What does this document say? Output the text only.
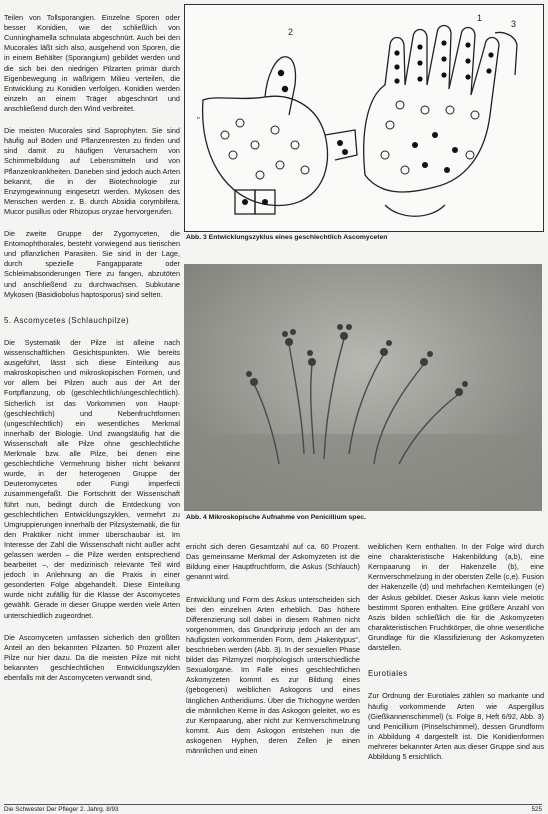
Teilen von Tollsporangien. Einzelne Sporen oder besser Konidien, wie der schließlich von Cunninghamella schnulata abgeschnürt. Auch bei den Mucorales läßt sich also, ausgehend von Sporen, die in einem Behälter (Sporangium) gebildet werden und die sich bei den niedrigen Pilzarten primär durch Eigenbewegung in wäßrigem Milieu verteilen, die Entwicklung zu Konidien verfolgen. Konidien werden einzeln an einem Träger abgeschnürt und anschließend durch den Wind verbreitet.

Die meisten Mucorales sind Saprophyten. Sie sind häufig auf Böden und Pflanzenresten zu finden und sind damit zu häufigen Verursachern von Schimmelbildung auf Lebensmitteln und von Pflanzenkrankheiten. Daneben sind jedoch auch Arten bekannt, die in der Biotechnologie zur Enzymgewinnung eingesetzt werden. Mykosen des Menschen werden z. B. durch Absidia corymbifera, Mucor pusillus oder Rhizopus oryzae hervorgerufen.

Die zweite Gruppe der Zygomyceten, die Entomophthorales, besteht vorwiegend aus tierischen und pflanzlichen Parasiten. Sie sind in der Lage, durch spezielle Fangapparate oder Schleimabsonderungen Tiere zu fangen, abzutöten und anschließend zu durchwachsen. Subkutane Mykosen (Basidiobolus haptosporus) sind selten.

5. Ascomycetes (Schlauchpilze)

Die Systematik der Pilze ist alleine nach wissenschaftlichen Gesichtspunkten. Wie bereits ausgeführt, lässt sich diese Einteilung aus makroskopischen und mikroskopischen Formen, und vor allem bei Pilzen auch aus der Art der Fortpflanzung, ob (geschlechtlich/ungeschlechtlich). Sicherlich ist das Vorkommen von Haupt- (geschlechtlich) und Nebenfruchtformen (ungeschlechtlich) ein wesentliches Merkmal innerhalb der Biologie. Und zwangsläufig hat die Wissenschaft alle Pilze ohne geschlechtliche Merkmale bzw. alle Pilze, bei denen eine geschlechtliche Vermehrung bisher nicht bekannt wurde, in der heterogenen Gruppe der Deuteromycetes oder Fungi imperfecti zusammengefaßt. Die Fortschritt der Wissenschaft führt nun, bedingt durch die Entdeckung von geschlechtlichen Entwicklungszyklen, vermehrt zu Umgruppierungen innerhalb der Pilzsystematik, die für den Praktiker nicht immer überschaubar ist. Im Interesse der Zahl die Wissenschaft nicht außer acht gelassen werden – die Pilze werden entsprechend bearbeitet –, der medizinisch relevante Teil wird jedoch in Anlehnung an die Praxis in einer gesonderten Folge abgehandelt. Diese Einteilung wurde nicht zufällig für die Klasse der Ascomycetes gewählt. Gerade in dieser Gruppe werden viele Arten unterschiedlich zugeordnet.

Die Ascomyceten umfassen sicherlich den größten Anteil an den bekannten Pilzarten. 50 Prozent aller Pilze nur hier dazu. Da die meisten Pilze mit nicht bekannten geschlechtlichen Entwicklungszyklen ebenfalls mit der Ascomyceten verwandt sind,

"
2
1
3
Abb. 3 Entwicklungszyklus eines geschlechtlich Ascomyceten
Abb. 4 Mikroskopische Aufnahme von Penicillium spec.

erricht sich deren Gesamtzahl auf ca. 60 Prozent. Das gemeinsame Merkmal der Askomyzeten ist die Bildung einer Hauptfruchtform, die Askus (Schlauch) genannt wird.

Entwicklung und Form des Askus unterscheiden sich bei den einzelnen Arten erheblich. Das höhere Differenzierung soll dabei in diesem Rahmen nicht vorgenommen, das Grundprinzip jedoch an der am häufigsten vorkommenden Form, dem „Hakentypus“, beschrieben werden (Abb. 3). In der sexuellen Phase bildet das Pilzmyzel morphologisch unterschiedliche Sexualorgane. Im Falle eines geschlechtlichen Askomyzeten kommt es zur Bildung eines (gebogenen) weiblichen Askogons und eines länglichen Antheridiums. Über die Trichogyne werden die männlichen Kerne in das Askogon geleitet, wo es zur Kernpaarung, aber nicht zur Kernverschmelzung kommt. Aus dem Askogon entstehen nun die askogenen Hyphen, deren Zellen je einen männlichen und einen

weiblichen Kern enthalten. In der Folge wird durch eine charakteristische Hakenbildung (a,b), eine Kernpaarung in der Hakenzelle (b), eine Kernverschmelzung in der obersten Zelle (c,e). Fusion der Hakenzelle (d) und mehrfachen Kernteilungen (e) der Askus gebildet. Dieser Askus kann viele meiotic bestimmt Sporen enthalten. Eine größere Anzahl von Aszis bilden schließlich die für die Askomyzeten charakteristischen Fruchtkörper, die ohne wesentliche Grundlage für die Klassifizierung der Askomyzeten darstellen.

Eurotiales

Zur Ordnung der Eurotiales zählen so markante und häufig vorkommende Arten wie Aspergillus (Gießkannenschimmel) (s. Folge 8, Heft 6/92, Abb. 3) und Penicillium (Pinselschimmel), dessen Grundform in Abbildung 4 dargestellt ist. Die Konidienformen mehrerer bekannter Arten aus dieser Gruppe sind aus Abbildung 5 ersichtlich.

Die Schwester Der Pfleger 2. Jahrg. 8/93	525
